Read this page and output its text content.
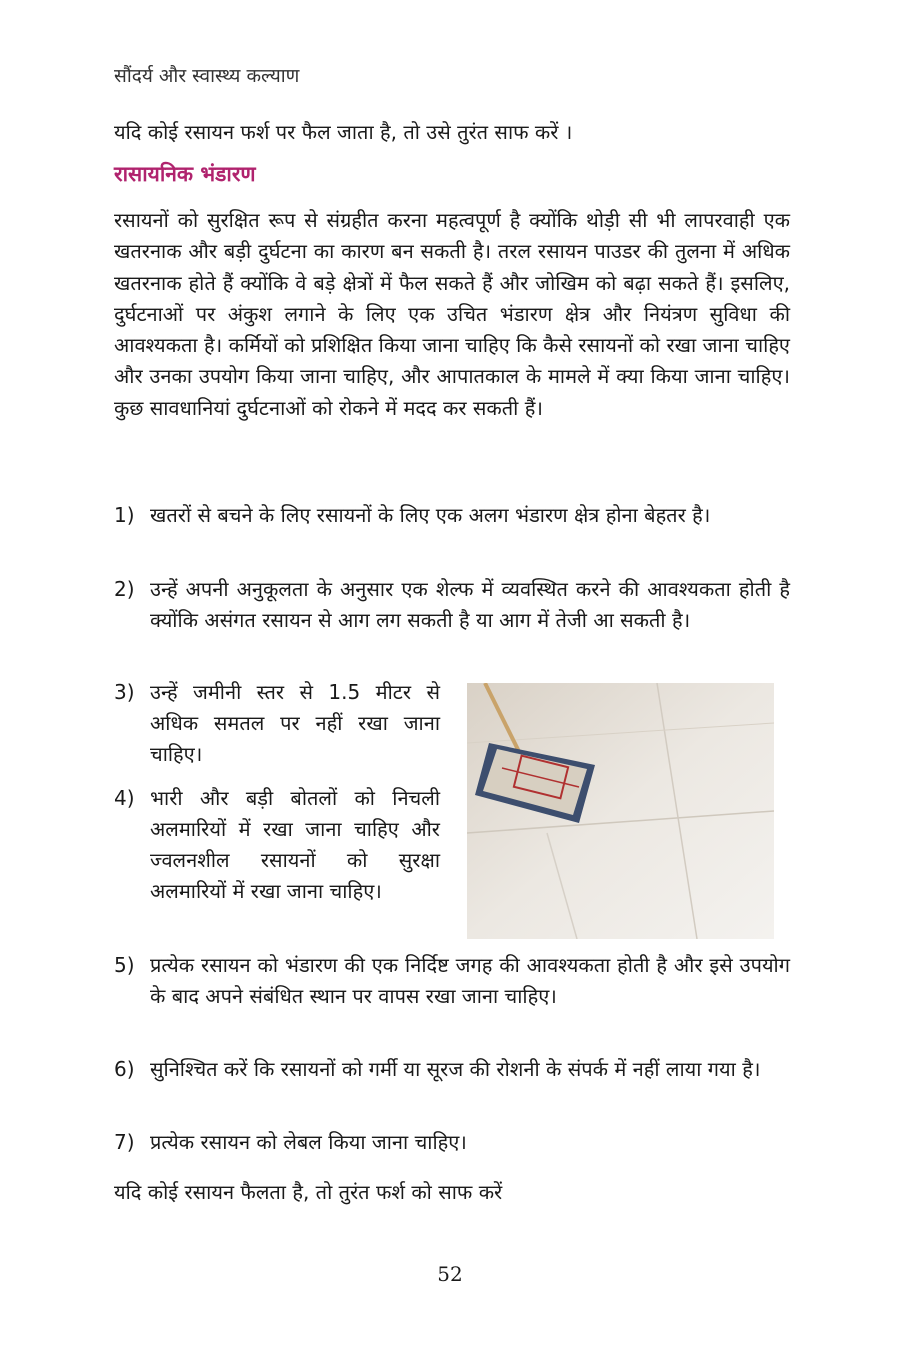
सौंदर्य और स्वास्थ्य कल्याण
यदि कोई रसायन फर्श पर फैल जाता है, तो उसे तुरंत साफ करें ।
रासायनिक भंडारण

रसायनों को सुरक्षित रूप से संग्रहीत करना महत्वपूर्ण है क्योंकि थोड़ी सी भी लापरवाही एक खतरनाक और बड़ी दुर्घटना का कारण बन सकती है। तरल रसायन पाउडर की तुलना में अधिक खतरनाक होते हैं क्योंकि वे बड़े क्षेत्रों में फैल सकते हैं और जोखिम को बढ़ा सकते हैं। इसलिए, दुर्घटनाओं पर अंकुश लगाने के लिए एक उचित भंडारण क्षेत्र और नियंत्रण सुविधा की आवश्यकता है। कर्मियों को प्रशिक्षित किया जाना चाहिए कि कैसे रसायनों को रखा जाना चाहिए और उनका उपयोग किया जाना चाहिए, और आपातकाल के मामले में क्या किया जाना चाहिए। कुछ सावधानियां दुर्घटनाओं को रोकने में मदद कर सकती हैं।

1) खतरों से बचने के लिए रसायनों के लिए एक अलग भंडारण क्षेत्र होना बेहतर है।
2) उन्हें अपनी अनुकूलता के अनुसार एक शेल्फ में व्यवस्थित करने की आवश्यकता होती है क्योंकि असंगत रसायन से आग लग सकती है या आग में तेजी आ सकती है।
3) उन्हें जमीनी स्तर से 1.5 मीटर से अधिक समतल पर नहीं रखा जाना चाहिए।
4) भारी और बड़ी बोतलों को निचली अलमारियों में रखा जाना चाहिए और ज्वलनशील रसायनों को सुरक्षा अलमारियों में रखा जाना चाहिए।
5) प्रत्येक रसायन को भंडारण की एक निर्दिष्ट जगह की आवश्यकता होती है और इसे उपयोग के बाद अपने संबंधित स्थान पर वापस रखा जाना चाहिए।
6) सुनिश्चित करें कि रसायनों को गर्मी या सूरज की रोशनी के संपर्क में नहीं लाया गया है।
7) प्रत्येक रसायन को लेबल किया जाना चाहिए।
यदि कोई रसायन फैलता है, तो तुरंत फर्श को साफ करें
52
